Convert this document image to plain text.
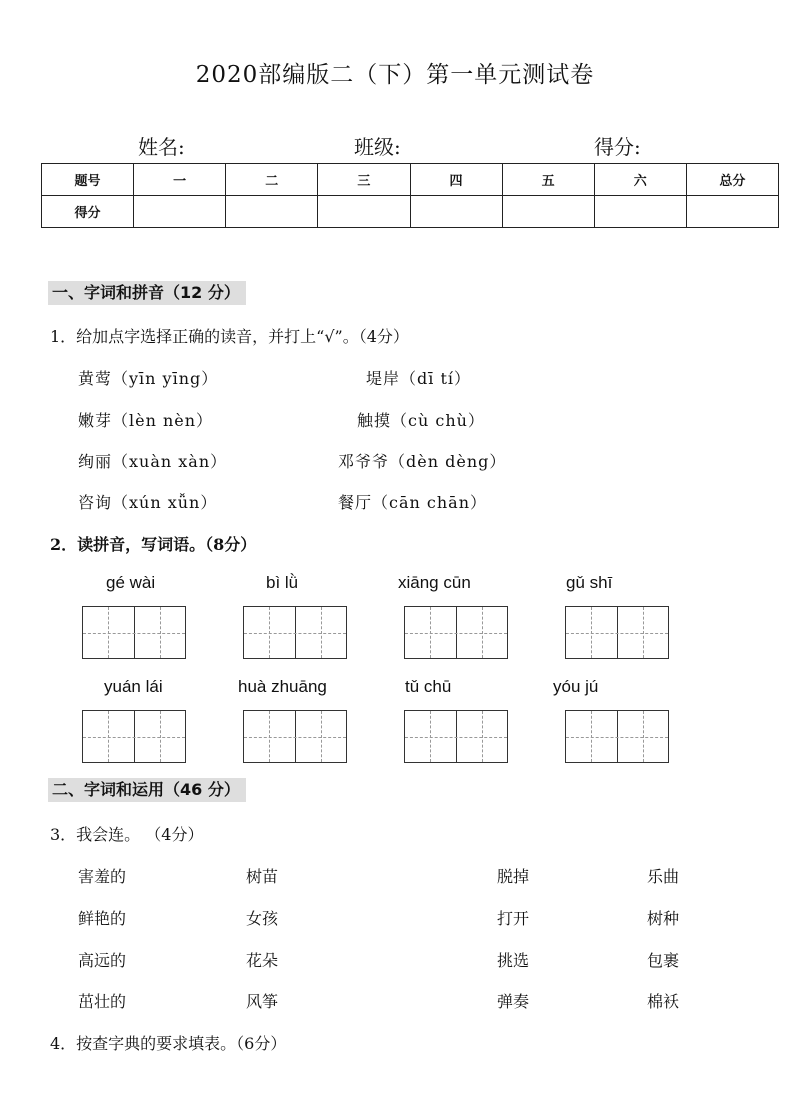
2020部编版二（下）第一单元测试卷
姓名:	班级:	得分:
题号	一	二	三	四	五	六	总分
得分							
一、字词和拼音（12 分）
1．给加点字选择正确的读音，并打上“√”。（4分）
黄莺（yīn yīng）	堤岸（dī tí）
嫩芽（lèn nèn）	触摸（cù chù）
绚丽（xuàn xàn）	邓爷爷（dèn dèng）
咨询（xún xǚn）	餐厅（cān chān）
2．读拼音，写词语。（8分）
gé wài	bì lǜ	xiāng cūn	gǔ shī
yuán lái	huà zhuāng	tǔ chū	yóu jú
二、字词和运用（46 分）
3．我会连。 （4分）
害羞的	树苗	脱掉	乐曲
鲜艳的	女孩	打开	树种
高远的	花朵	挑选	包裹
茁壮的	风筝	弹奏	棉袄
4．按查字典的要求填表。（6分）
